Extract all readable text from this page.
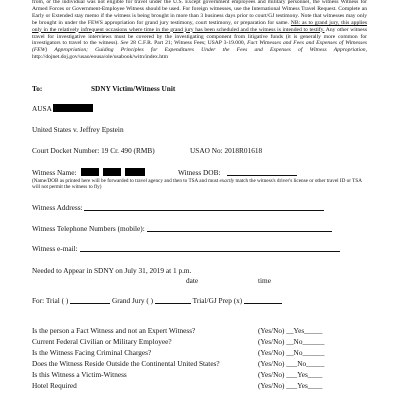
from, or the individual was not eligible for travel under the U.S. Except government employees and military personnel, the witness Witness for Armed Forces or Government-Employee Witness should be used. For foreign witnesses, use the International Witness Travel Request. Complete an Early or Extended stay memo if the witness is being brought in more than 3 business days prior to court/GJ testimony. Note that witnesses may only be brought in under the FEWS appropriation for grand jury testimony, court testimony, or preparation for same. NB: as to grand jury, this applies only in the relatively infrequent occasions where time in the grand jury has been scheduled and the witness is intended to testify. Any other witness travel for investigative interviews must be covered by the investigating component from litigative funds (it is generally more common for investigators to travel to the witness). See 28 C.F.R. Part 21; Witness Fees; USAP 3-19.000, Fact Witnesses and Fees and Expenses of Witnesses (FEW) Appropriation; Guiding Principles for Expenditures Under the Fees and Expenses of Witness Appropriation, http://dojnet.doj.gov/usao/eousa/ole/usabook/witn/index.htm

To:	SDNY Victim/Witness Unit
AUSA
United States v. Jeffrey Epstein
Court Docket Number: 19 Cr. 490 (RMB)	USAO No: 2018R01618
Witness Name:	Witness DOB:

(Name/DOB as printed here will be forwarded to travel agency and then to TSA and must exactly match the witness's driver's license or other travel ID or TSA will not permit the witness to fly)

Witness Address:
Witness Telephone Numbers (mobile):
Witness e-mail:
Needed to Appear in SDNY on July 31, 2019 at 1 p.m.
date	time
For: Trial ( )	Grand Jury ( )	Trial/GJ Prep (x)
Is the person a Fact Witness and not an Expert Witness?	(Yes/No) __Yes_____
Current Federal Civilian or Military Employee?	(Yes/No) __No______
Is the Witness Facing Criminal Charges?	(Yes/No) __No______
Does the Witness Reside Outside the Continental United States?	(Yes/No) ___No_____
Is this Witness a Victim-Witness	(Yes/No) ___Yes____
Hotel Required	(Yes/No) ___Yes____
